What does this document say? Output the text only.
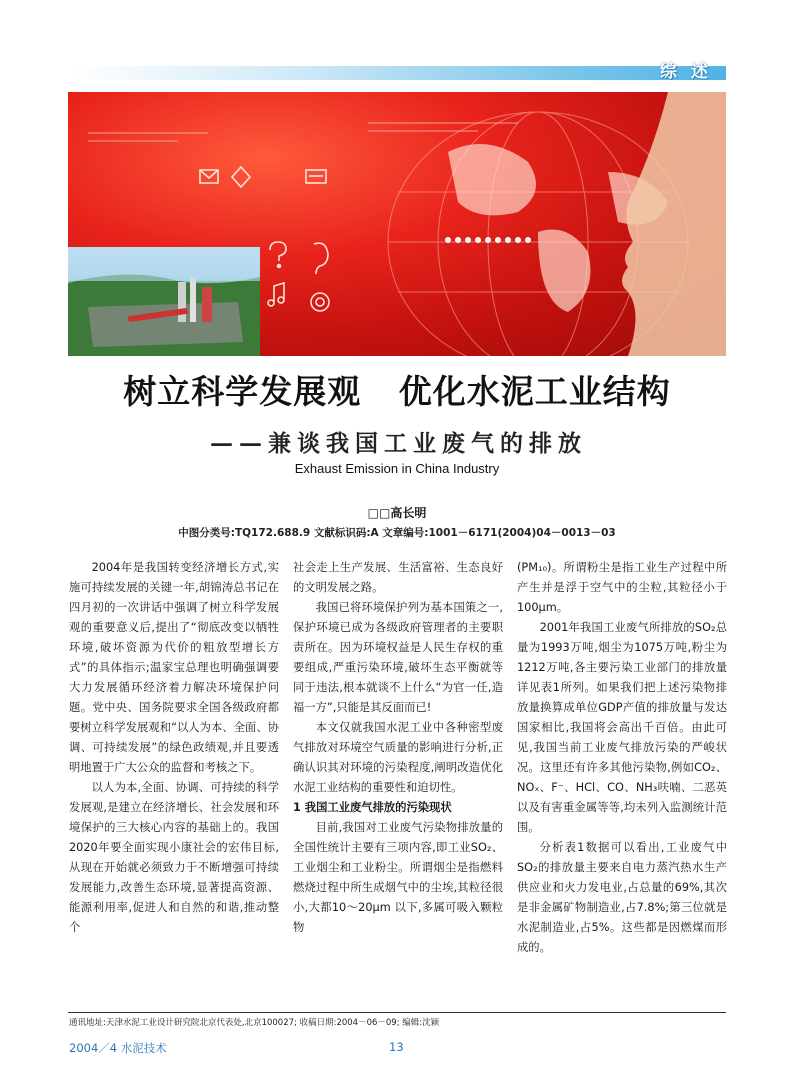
综述
树立科学发展观   优化水泥工业结构
——兼谈我国工业废气的排放
Exhaust Emission in China Industry
□□高长明
中图分类号:TQ172.688.9 文献标识码:A 文章编号:1001－6171(2004)04－0013－03

2004年是我国转变经济增长方式,实施可持续发展的关键一年,胡锦涛总书记在四月初的一次讲话中强调了树立科学发展观的重要意义后,提出了“彻底改变以牺牲环境,破坏资源为代价的粗放型增长方式”的具体指示;温家宝总理也明确强调要大力发展循环经济着力解决环境保护问题。党中央、国务院要求全国各级政府都要树立科学发展观和“以人为本、全面、协调、可持续发展”的绿色政绩观,并且要透明地置于广大公众的监督和考核之下。

以人为本,全面、协调、可持续的科学发展观,是建立在经济增长、社会发展和环境保护的三大核心内容的基础上的。我国2020年要全面实现小康社会的宏伟目标,从现在开始就必须致力于不断增强可持续发展能力,改善生态环境,显著提高资源、能源利用率,促进人和自然的和谐,推动整个

社会走上生产发展、生活富裕、生态良好的文明发展之路。

我国已将环境保护列为基本国策之一,保护环境已成为各级政府管理者的主要职责所在。因为环境权益是人民生存权的重要组成,严重污染环境,破坏生态平衡就等同于违法,根本就谈不上什么“为官一任,造福一方”,只能是其反面而已!

本文仅就我国水泥工业中各种密型废气排放对环境空气质量的影响进行分析,正确认识其对环境的污染程度,阐明改造优化水泥工业结构的重要性和迫切性。

1 我国工业废气排放的污染现状

目前,我国对工业废气污染物排放量的全国性统计主要有三项内容,即工业SO₂、工业烟尘和工业粉尘。所谓烟尘是指燃料燃烧过程中所生成烟气中的尘埃,其粒径很小,大都10～20μm 以下,多属可吸入颗粒物

(PM₁₀)。所谓粉尘是指工业生产过程中所产生并是浮于空气中的尘粒,其粒径小于100μm。

2001年我国工业废气所排放的SO₂总量为1993万吨,烟尘为1075万吨,粉尘为1212万吨,各主要污染工业部门的排放量详见表1所列。如果我们把上述污染物排放量换算成单位GDP产值的排放量与发达国家相比,我国将会高出千百倍。由此可见,我国当前工业废气排放污染的严峻状况。这里还有许多其他污染物,例如CO₂、NOₓ、F⁻、HCl、CO、NH₃呋喃、二恶英以及有害重金属等等,均未列入监测统计范围。

分析表1数据可以看出,工业废气中SO₂的排放量主要来自电力蒸汽热水生产供应业和火力发电业,占总量的69%,其次是非金属矿物制造业,占7.8%;第三位就是水泥制造业,占5%。这些都是因燃煤而形成的。

通讯地址:天津水泥工业设计研究院北京代表处,北京100027; 收稿日期:2004－06－09; 编辑:沈颖
2004／4 水泥技术	13
